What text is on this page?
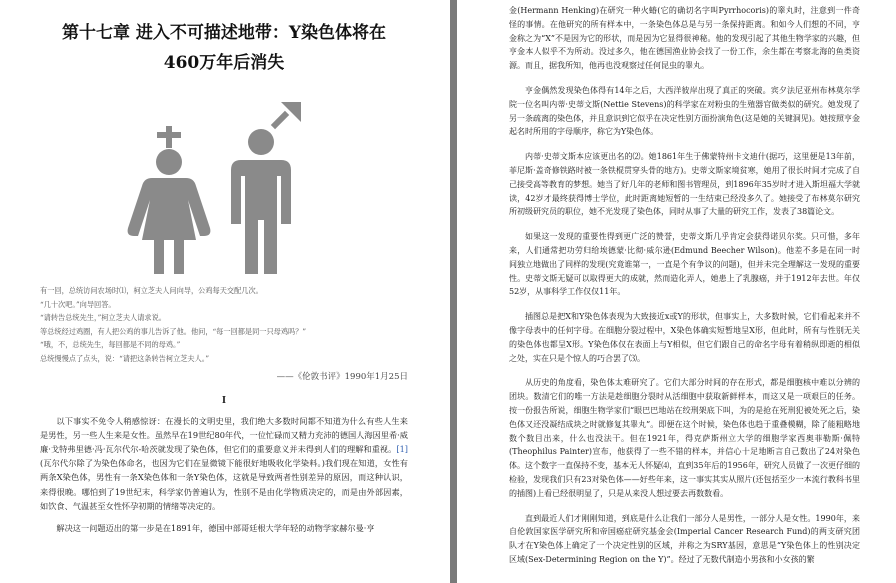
第十七章 进入不可描述地带：Y染色体将在
460万年后消失

有一回，总统访问农场时⑴，柯立芝夫人问向导，公鸡每天交配几次。

“几十次吧。”向导回答。

“请转告总统先生，”柯立芝夫人请求说。

等总统经过鸡圈，有人把公鸡的事儿告诉了他。他问，“每一回都是同一只母鸡吗？”

“哦，不，总统先生，每回都是不同的母鸡。”

总统慢慢点了点头，说：“请把这条转告柯立芝夫人。”

——《伦敦书评》1990年1月25日
I

以下事实不免令人稍感惊讶：在漫长的文明史里，我们绝大多数时间都不知道为什么有些人生来是男性，另一些人生来是女性。虽然早在19世纪80年代，一位忙碌而又精力充沛的德国人海因里希·威廉·戈特弗里德·冯·瓦尔代尔-哈茨就发现了染色体，但它们的重要意义并未得到人们的理解和重视。[1](瓦尔代尔除了为染色体命名，也因为它们在显微镜下能很好地吸收化学染料。)我们现在知道，女性有两条X染色体，男性有一条X染色体和一条Y染色体，这就是导致两者性别差异的原因，而这种认识，来得很晚。哪怕到了19世纪末，科学家仍普遍认为，性别不是由化学物质决定的，而是由外部因素，如饮食、气温甚至女性怀孕初期的情绪等决定的。

解决这一问题迈出的第一步是在1891年，德国中部哥廷根大学年轻的动物学家赫尔曼·亨

金(Hermann Henking)在研究一种火蝽(它的确切名字叫Pyrrhocoris)的睾丸时，注意到一件奇怪的事情。在他研究的所有样本中，一条染色体总是与另一条保持距离。和如今人们想的不同，亨金称之为“X”不是因为它的形状，而是因为它显得很神秘。他的发现引起了其他生物学家的兴趣，但亨金本人似乎不为所动。没过多久，他在德国渔业协会找了一份工作，余生都在考察北海的鱼类资源。而且，据我所知，他再也没观察过任何昆虫的睾丸。

亨金偶然发现染色体得有14年之后，大西洋彼岸出现了真正的突破。宾夕法尼亚州布林莫尔学院一位名叫内蒂·史蒂文斯(Nettie Stevens)的科学家在对粉虫的生殖器官做类似的研究。她发现了另一条疏离的染色体，并且意识到它似乎在决定性别方面扮演角色(这是她的关键洞见)。她按照亨金起名时所用的字母顺序，称它为Y染色体。

内蒂·史蒂文斯本应该更出名的⑵。她1861年生于佛蒙特州卡文迪什(据巧，这里便是13年前，菲尼斯·盖奇修铁路时被一条铁棍贯穿头骨的地方)。史蒂文斯家境贫寒，她用了很长时间才完成了自己接受高等教育的梦想。她当了好几年的老师和图书管理员，到1896年35岁时才进入斯坦福大学就读，42岁才最终获得博士学位，此时距离她短暂的一生结束已经没多久了。她接受了布林莫尔研究所初级研究员的职位，她不光发现了染色体，同时从事了大量的研究工作，发表了38篇论文。

如果这一发现的重要性得到更广泛的赞誉，史蒂文斯几乎肯定会获得诺贝尔奖。只可惜，多年来，人们通常把功劳归给埃德蒙·比彻·威尔逊(Edmund Beecher Wilson)。他差不多是在同一时间独立地做出了同样的发现(究竟谁第一，一直是个有争议的问题)，但并未完全理解这一发现的重要性。史蒂文斯无疑可以取得更大的成就，然而造化弄人，她患上了乳腺癌，并于1912年去世。年仅52岁，从事科学工作仅仅11年。

插图总是把X和Y染色体表现为大致接近x或Y的形状，但事实上，大多数时候，它们看起来并不像字母表中的任何字母。在细胞分裂过程中，X染色体确实短暂地呈X形，但此时，所有与性别无关的染色体也都呈X形。Y染色体仅在表面上与Y相似，但它们跟自己的命名字母有着稍纵即逝的相似之处，实在只是个惊人的巧合罢了⑶。

从历史的角度看，染色体太难研究了。它们大部分时间的存在形式，都是细胞核中难以分辨的团块。数清它们的唯一方法是趁细胞分裂时从活细胞中获取新鲜样本，而这又是一项艰巨的任务。按一份报告所说，细胞生物学家们“眼巴巴地站在绞刑架底下叫，为的是抢在死刑犯被处死之后，染色体又还没凝结成块之时就修复其睾丸”。即便在这个时候，染色体也趋于重叠模糊，除了能粗略地数个数目出来，什么也没法干。但在1921年，得克萨斯州立大学的细胞学家西奥菲勒斯·佩特(Theophilus Painter)宣布，他获得了一些不错的样本，并信心十足地断言自己数出了24对染色体。这个数字一直保持不变，基本无人怀疑⑷，直到35年后的1956年，研究人员做了一次更仔细的检验，发现我们只有23对染色体——好些年来，这一事实其实从照片(还包括至少一本流行教科书里的插图)上看已经很明显了，只是从来没人想过要去再数数看。

直到最近人们才刚刚知道，到底是什么让我们一部分人是男性，一部分人是女性。1990年，来自伦敦国家医学研究所和帝国癌症研究基金会(Imperial Cancer Research Fund)的两支研究团队才在Y染色体上确定了一个决定性别的区域，并称之为SRY基因，意思是“Y染色体上的性别决定区域(Sex-Determining Region on the Y)”。经过了无数代制造小男孩和小女孩的繁
